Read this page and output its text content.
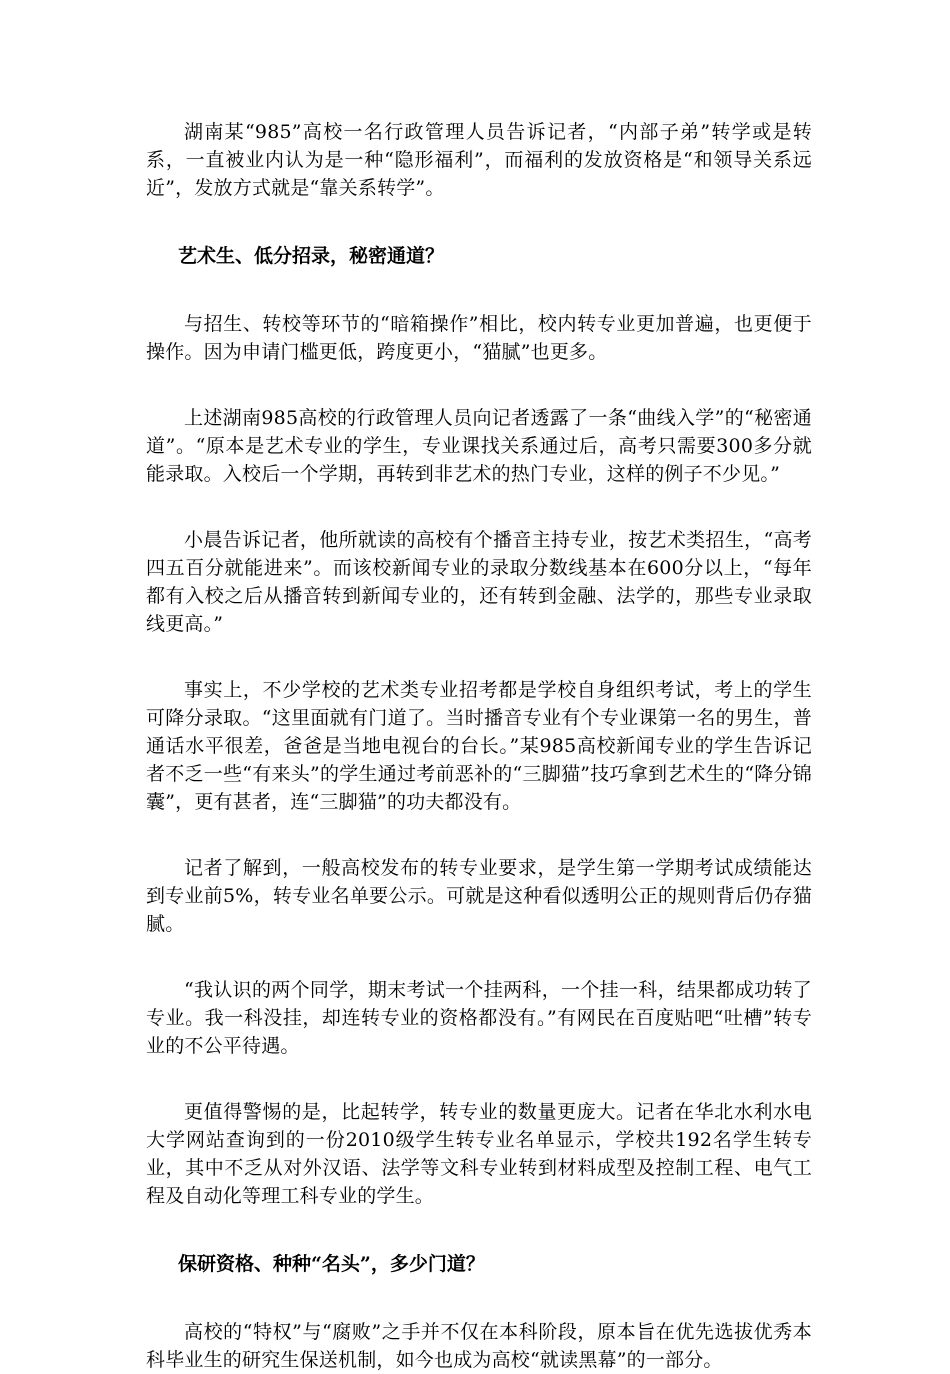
湖南某“985”高校一名行政管理人员告诉记者，“内部子弟”转学或是转系，一直被业内认为是一种“隐形福利”，而福利的发放资格是“和领导关系远近”，发放方式就是“靠关系转学”。

艺术生、低分招录，秘密通道？

与招生、转校等环节的“暗箱操作”相比，校内转专业更加普遍，也更便于操作。因为申请门槛更低，跨度更小，“猫腻”也更多。

上述湖南985高校的行政管理人员向记者透露了一条“曲线入学”的“秘密通道”。“原本是艺术专业的学生，专业课找关系通过后，高考只需要300多分就能录取。入校后一个学期，再转到非艺术的热门专业，这样的例子不少见。”

小晨告诉记者，他所就读的高校有个播音主持专业，按艺术类招生，“高考四五百分就能进来”。而该校新闻专业的录取分数线基本在600分以上，“每年都有入校之后从播音转到新闻专业的，还有转到金融、法学的，那些专业录取线更高。”

事实上，不少学校的艺术类专业招考都是学校自身组织考试，考上的学生可降分录取。“这里面就有门道了。当时播音专业有个专业课第一名的男生，普通话水平很差，爸爸是当地电视台的台长。”某985高校新闻专业的学生告诉记者不乏一些“有来头”的学生通过考前恶补的“三脚猫”技巧拿到艺术生的“降分锦囊”，更有甚者，连“三脚猫”的功夫都没有。

记者了解到，一般高校发布的转专业要求，是学生第一学期考试成绩能达到专业前5%，转专业名单要公示。可就是这种看似透明公正的规则背后仍存猫腻。

“我认识的两个同学，期末考试一个挂两科，一个挂一科，结果都成功转了专业。我一科没挂，却连转专业的资格都没有。”有网民在百度贴吧“吐槽”转专业的不公平待遇。

更值得警惕的是，比起转学，转专业的数量更庞大。记者在华北水利水电大学网站查询到的一份2010级学生转专业名单显示，学校共192名学生转专业，其中不乏从对外汉语、法学等文科专业转到材料成型及控制工程、电气工程及自动化等理工科专业的学生。

保研资格、种种“名头”，多少门道？

高校的“特权”与“腐败”之手并不仅在本科阶段，原本旨在优先选拔优秀本科毕业生的研究生保送机制，如今也成为高校“就读黑幕”的一部分。
